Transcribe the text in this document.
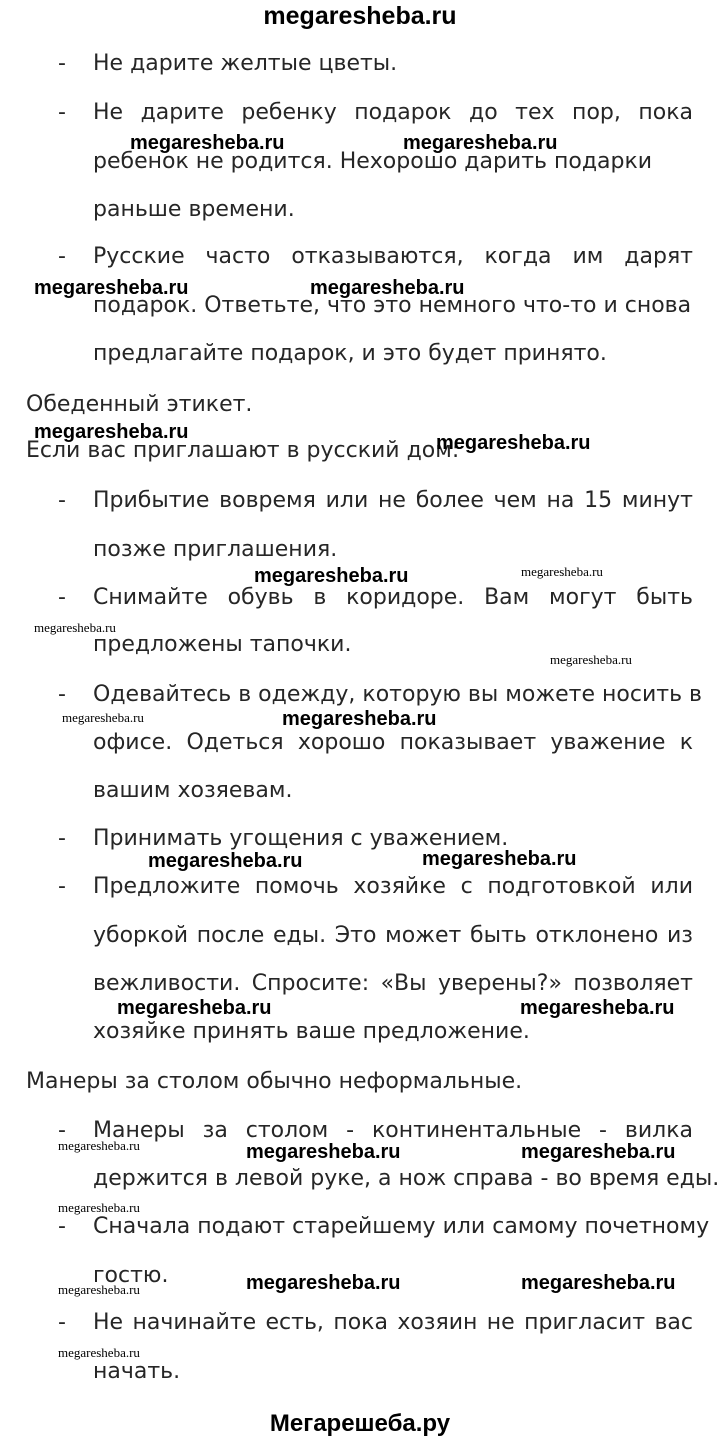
megaresheba.ru
- Не дарите желтые цветы.
- Не дарите ребенку подарок до тех пор, пока
ребенок не родится. Нехорошо дарить подарки
раньше времени.
- Русские часто отказываются, когда им дарят
подарок. Ответьте, что это немного что-то и снова
предлагайте подарок, и это будет принято.
Обеденный этикет.
Если вас приглашают в русский дом:
- Прибытие вовремя или не более чем на 15 минут
позже приглашения.
- Снимайте обувь в коридоре. Вам могут быть
предложены тапочки.
- Одевайтесь в одежду, которую вы можете носить в
офисе. Одеться хорошо показывает уважение к
вашим хозяевам.
- Принимать угощения с уважением.
- Предложите помочь хозяйке с подготовкой или
уборкой после еды. Это может быть отклонено из
вежливости. Спросите: «Вы уверены?» позволяет
хозяйке принять ваше предложение.
Манеры за столом обычно неформальные.
- Манеры за столом - континентальные - вилка
держится в левой руке, а нож справа - во время еды.
- Сначала подают старейшему или самому почетному
гостю.
- Не начинайте есть, пока хозяин не пригласит вас
начать.
megaresheba.ru	megaresheba.ru
megaresheba.ru	megaresheba.ru
megaresheba.ru	megaresheba.ru
megaresheba.ru	megaresheba.ru
megaresheba.ru
megaresheba.ru
megaresheba.ru	megaresheba.ru
megaresheba.ru	megaresheba.ru
megaresheba.ru	megaresheba.ru
megaresheba.ru	megaresheba.ru	megaresheba.ru
megaresheba.ru
megaresheba.ru	megaresheba.ru	megaresheba.ru
megaresheba.ru
Мегарешеба.ру
